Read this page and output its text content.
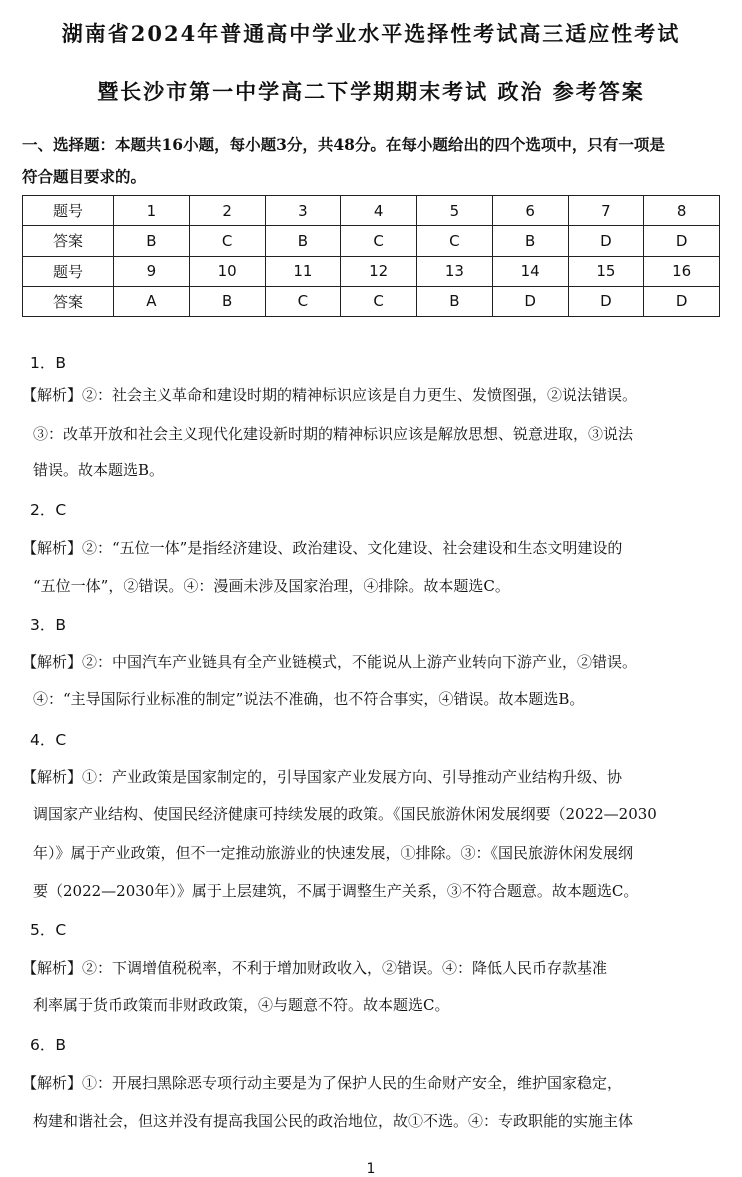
湖南省2024年普通高中学业水平选择性考试高三适应性考试
暨长沙市第一中学高二下学期期末考试 政治 参考答案
一、选择题：本题共16小题，每小题3分，共48分。在每小题给出的四个选项中，只有一项是
符合题目要求的。
题号	1	2	3	4	5	6	7	8
答案	B	C	B	C	C	B	D	D
题号	9	10	11	12	13	14	15	16
答案	A	B	C	C	B	D	D	D
1．B
【解析】②：社会主义革命和建设时期的精神标识应该是自力更生、发愤图强，②说法错误。
③：改革开放和社会主义现代化建设新时期的精神标识应该是解放思想、锐意进取，③说法
错误。故本题选B。
2．C
【解析】②：“五位一体”是指经济建设、政治建设、文化建设、社会建设和生态文明建设的
“五位一体”，②错误。④：漫画未涉及国家治理，④排除。故本题选C。
3．B
【解析】②：中国汽车产业链具有全产业链模式，不能说从上游产业转向下游产业，②错误。
④：“主导国际行业标准的制定”说法不准确，也不符合事实，④错误。故本题选B。
4．C
【解析】①：产业政策是国家制定的，引导国家产业发展方向、引导推动产业结构升级、协
调国家产业结构、使国民经济健康可持续发展的政策。《国民旅游休闲发展纲要（2022—2030
年）》属于产业政策，但不一定推动旅游业的快速发展，①排除。③：《国民旅游休闲发展纲
要（2022—2030年）》属于上层建筑，不属于调整生产关系，③不符合题意。故本题选C。
5．C
【解析】②：下调增值税税率，不利于增加财政收入，②错误。④：降低人民币存款基准
利率属于货币政策而非财政政策，④与题意不符。故本题选C。
6．B
【解析】①：开展扫黑除恶专项行动主要是为了保护人民的生命财产安全，维护国家稳定，
构建和谐社会，但这并没有提高我国公民的政治地位，故①不选。④：专政职能的实施主体
1
